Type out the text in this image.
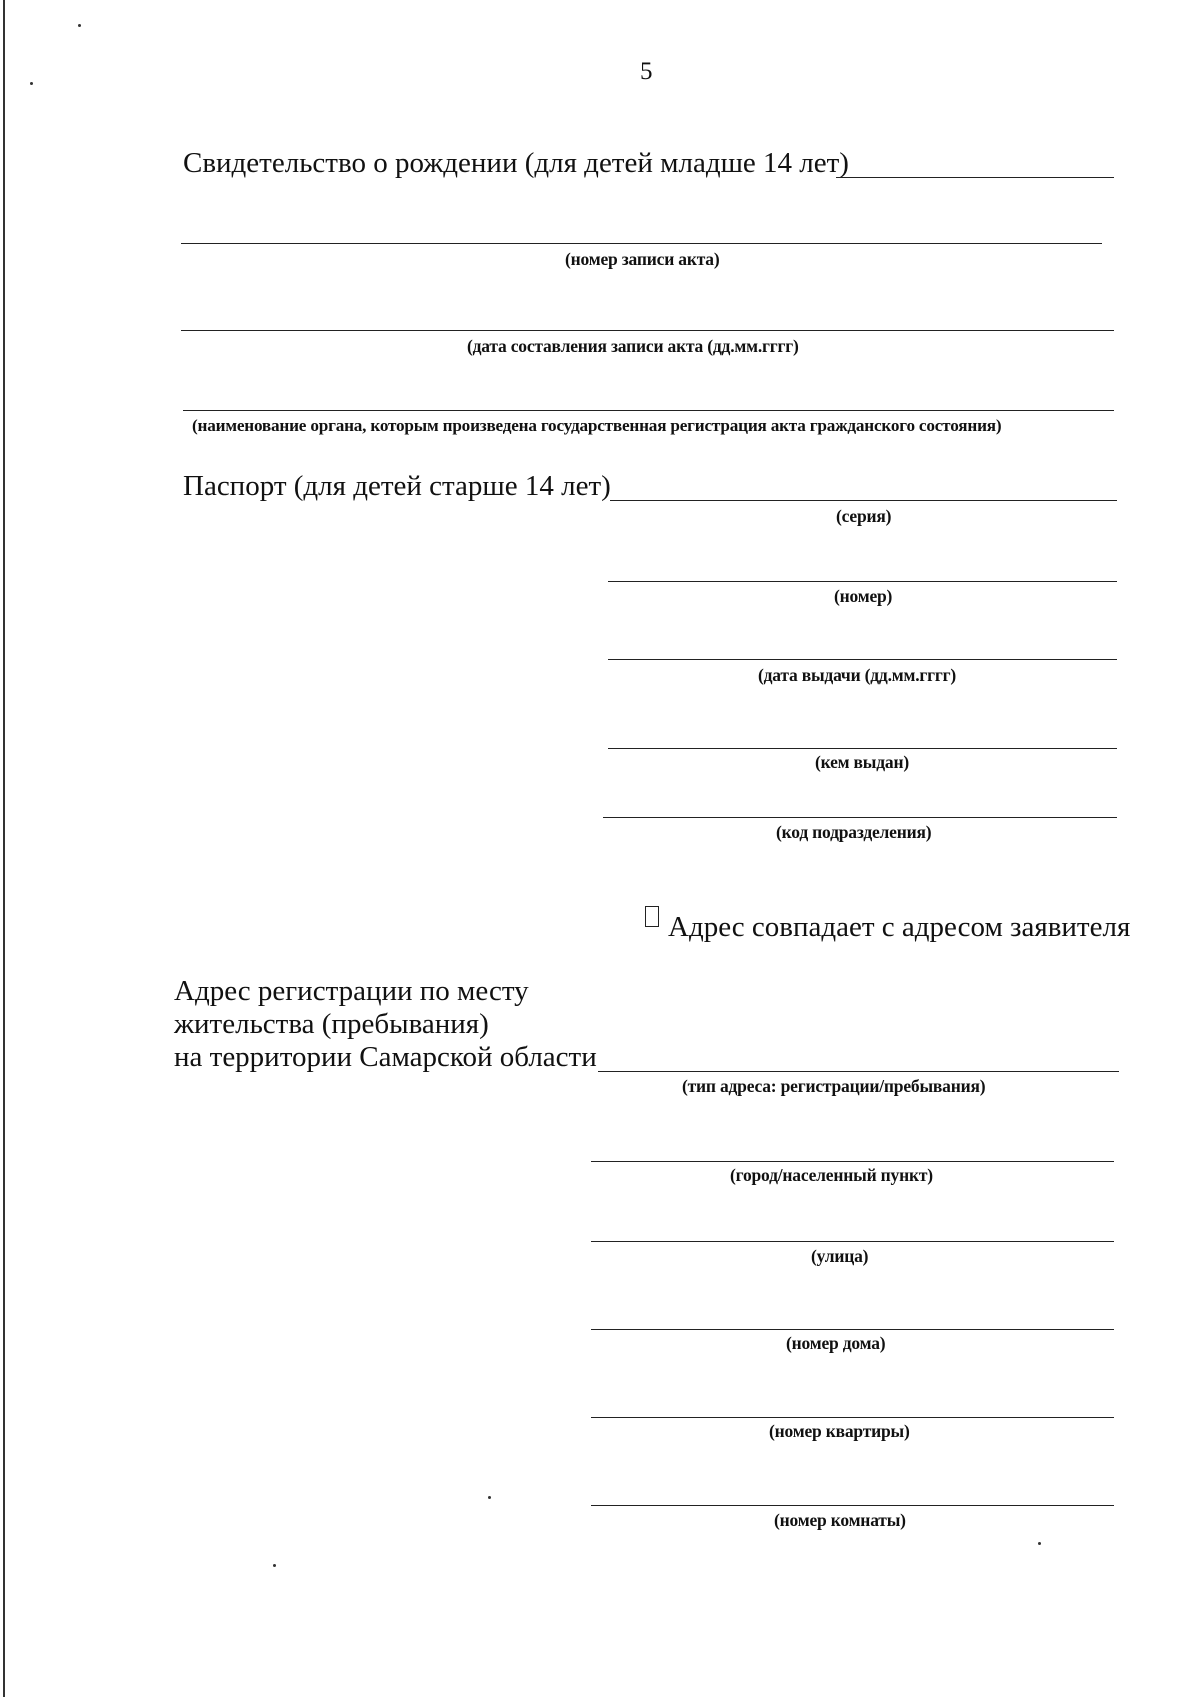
5
Свидетельство о рождении (для детей младше 14 лет)
(номер записи акта)
(дата составления записи акта (дд.мм.гггг)
(наименование органа, которым произведена государственная регистрация акта гражданского состояния)
Паспорт (для детей старше 14 лет)
(серия)
(номер)
(дата выдачи (дд.мм.гггг)
(кем выдан)
(код подразделения)
Адрес совпадает с адресом заявителя
Адрес регистрации по месту
жительства (пребывания)
на территории Самарской области
(тип адреса: регистрации/пребывания)
(город/населенный пункт)
(улица)
(номер дома)
(номер квартиры)
(номер комнаты)
